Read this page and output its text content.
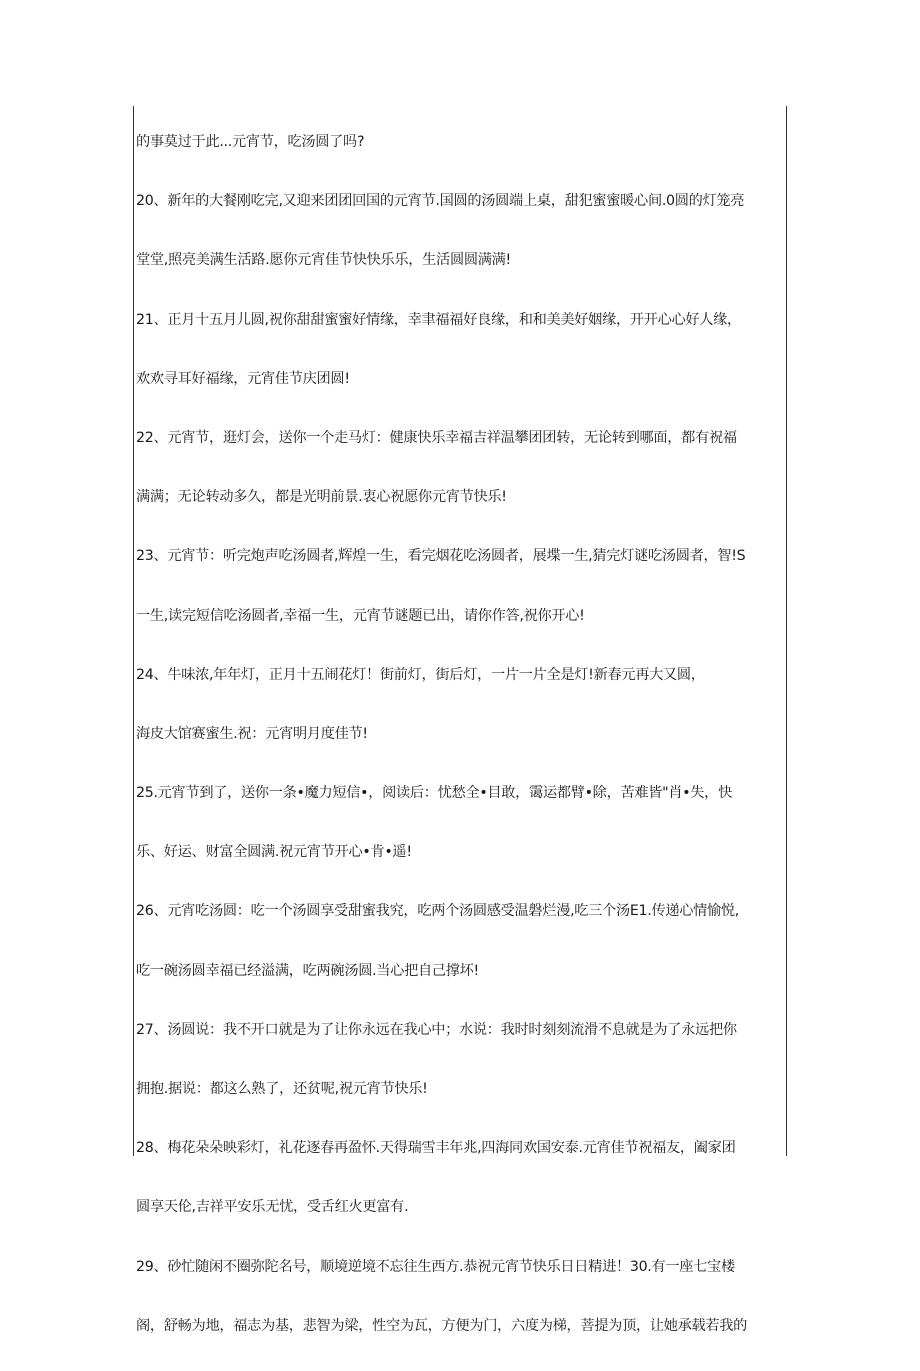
的事莫过于此...元宵节，吃汤圆了吗?
20、新年的大餐刚吃完,又迎来团团回国的元宵节.国圆的汤圆端上桌，甜犯蜜蜜暖心间.0圆的灯笼亮
堂堂,照亮美满生活路.愿你元宵佳节快快乐乐，生活圆圆满满!
21、正月十五月儿圆,祝你甜甜蜜蜜好情缘，幸聿福福好良缘，和和美美好姻缘，开开心心好人缘，
欢欢寻耳好福缘，元宵佳节庆团圆!
22、元宵节，逛灯会，送你一个走马灯：健康快乐幸福吉祥温攀团团转，无论转到哪面，都有祝福
满满；无论转动多久，都是光明前景.衷心祝愿你元宵节快乐!
23、元宵节：听完炮声吃汤圆者,辉煌一生，看完烟花吃汤圆者，展堞一生,猜完灯谜吃汤圆者，智!S
一生,读完短信吃汤圆者,幸福一生，元宵节谜题已出，请你作答,祝你开心!
24、牛味浓,年年灯，正月十五闹花灯！街前灯，街后灯，一片一片全是灯!新春元再大又圆，
海皮大馆赛蜜生.祝：元宵明月度佳节!
25.元宵节到了，送你一条•魔力短信•，阅读后：忧愁全•目敢，霭运都臂•除，苦难皆"肖•失，快
乐、好运、财富全圆满.祝元宵节开心•肯•遥!
26、元宵吃汤圆：吃一个汤圆享受甜蜜我究，吃两个汤圆感受温磐烂漫,吃三个汤E1.传递心情愉悦,
吃一碗汤圆幸福已经溢满，吃两碗汤圆.当心把自己撑坏!
27、汤圆说：我不开口就是为了让你永远在我心中；水说：我时时刻刻流滑不息就是为了永远把你
拥抱.据说：都这么熟了，还贫呢,祝元宵节快乐!
28、梅花朵朵映彩灯，礼花逐春再盈怀.天得瑞雪丰年兆,四海同欢国安泰.元宵佳节祝福友，阖家团
圆享天伦,吉祥平安乐无忧，受舌红火更富有.
29、砂忙随闲不圈弥陀名号，顺境逆境不忘往生西方.恭祝元宵节快乐日日精进！30.有一座七宝楼
阁，舒畅为地，福志为基，悲智为梁，性空为瓦，方便为门，六度为梯，菩提为顶，让她承载若我的
